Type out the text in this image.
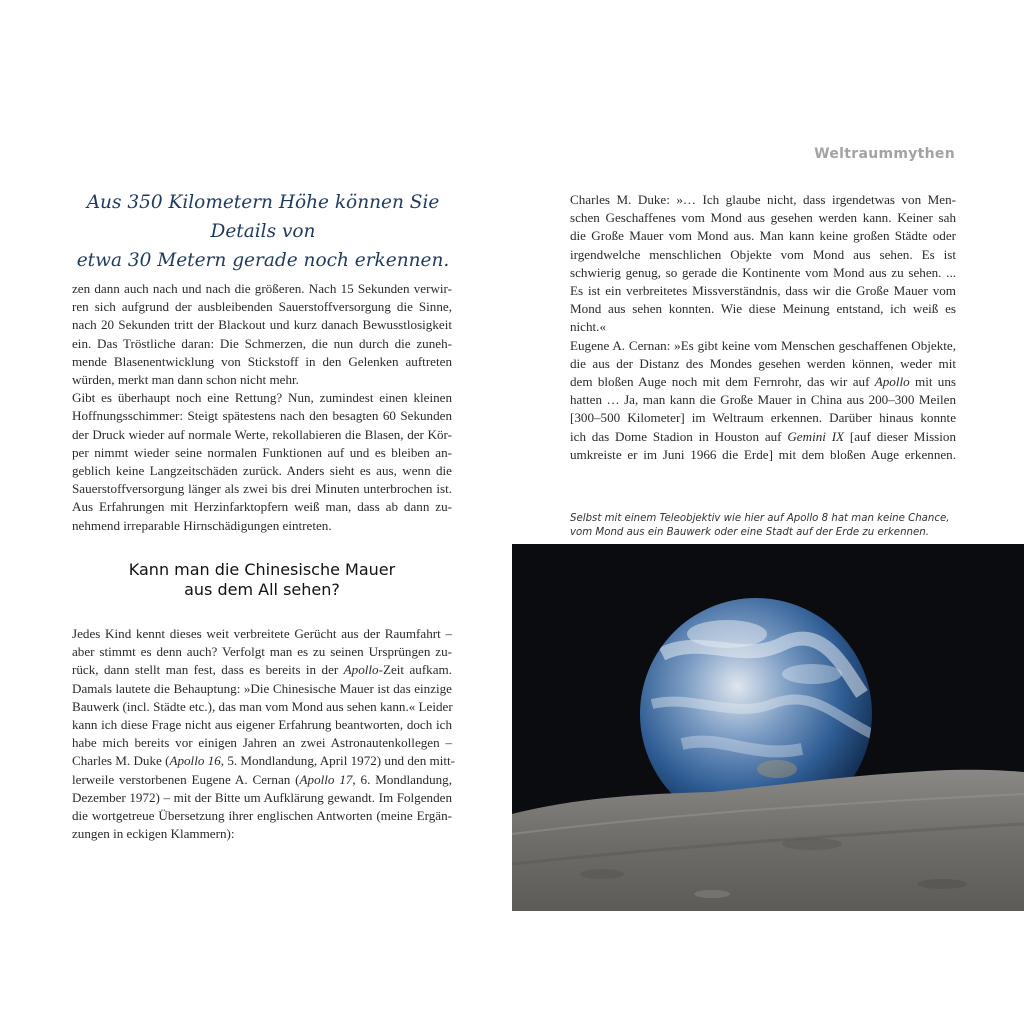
Aus 350 Kilometern Höhe können Sie Details von
etwa 30 Metern gerade noch erkennen.
zen dann auch nach und nach die größeren. Nach 15 Sekunden verwir-
ren sich aufgrund der ausbleibenden Sauerstoffversorgung die Sinne,
nach 20 Sekunden tritt der Blackout und kurz danach Bewusstlosigkeit
ein. Das Tröstliche daran: Die Schmerzen, die nun durch die zuneh-
mende Blasenentwicklung von Stickstoff in den Gelenken auftreten
würden, merkt man dann schon nicht mehr.
Gibt es überhaupt noch eine Rettung? Nun, zumindest einen kleinen
Hoffnungsschimmer: Steigt spätestens nach den besagten 60 Sekunden
der Druck wieder auf normale Werte, rekollabieren die Blasen, der Kör-
per nimmt wieder seine normalen Funktionen auf und es bleiben an-
geblich keine Langzeitschäden zurück. Anders sieht es aus, wenn die
Sauerstoffversorgung länger als zwei bis drei Minuten unterbrochen ist.
Aus Erfahrungen mit Herzinfarktopfern weiß man, dass ab dann zu-
nehmend irreparable Hirnschädigungen eintreten.
Kann man die Chinesische Mauer
aus dem All sehen?
Jedes Kind kennt dieses weit verbreitete Gerücht aus der Raumfahrt –
aber stimmt es denn auch? Verfolgt man es zu seinen Ursprüngen zu-
rück, dann stellt man fest, dass es bereits in der Apollo-Zeit aufkam.
Damals lautete die Behauptung: »Die Chinesische Mauer ist das einzige
Bauwerk (incl. Städte etc.), das man vom Mond aus sehen kann.« Leider
kann ich diese Frage nicht aus eigener Erfahrung beantworten, doch ich
habe mich bereits vor einigen Jahren an zwei Astronautenkollegen –
Charles M. Duke (Apollo 16, 5. Mondlandung, April 1972) und den mitt-
lerweile verstorbenen Eugene A. Cernan (Apollo 17, 6. Mondlandung,
Dezember 1972) – mit der Bitte um Aufklärung gewandt. Im Folgenden
die wortgetreue Übersetzung ihrer englischen Antworten (meine Ergän-
zungen in eckigen Klammern):
Weltraummythen
Charles M. Duke: »… Ich glaube nicht, dass irgendetwas von Men-
schen Geschaffenes vom Mond aus gesehen werden kann. Keiner sah
die Große Mauer vom Mond aus. Man kann keine großen Städte oder
irgendwelche menschlichen Objekte vom Mond aus sehen. Es ist
schwierig genug, so gerade die Kontinente vom Mond aus zu sehen. ...
Es ist ein verbreitetes Missverständnis, dass wir die Große Mauer vom
Mond aus sehen konnten. Wie diese Meinung entstand, ich weiß es
nicht.«
Eugene A. Cernan: »Es gibt keine vom Menschen geschaffenen Objekte,
die aus der Distanz des Mondes gesehen werden können, weder mit
dem bloßen Auge noch mit dem Fernrohr, das wir auf Apollo mit uns
hatten … Ja, man kann die Große Mauer in China aus 200–300 Meilen
[300–500 Kilometer] im Weltraum erkennen. Darüber hinaus konnte
ich das Dome Stadion in Houston auf Gemini IX [auf dieser Mission
umkreiste er im Juni 1966 die Erde] mit dem bloßen Auge erkennen.
Selbst mit einem Teleobjektiv wie hier auf Apollo 8 hat man keine Chance,
vom Mond aus ein Bauwerk oder eine Stadt auf der Erde zu erkennen.
